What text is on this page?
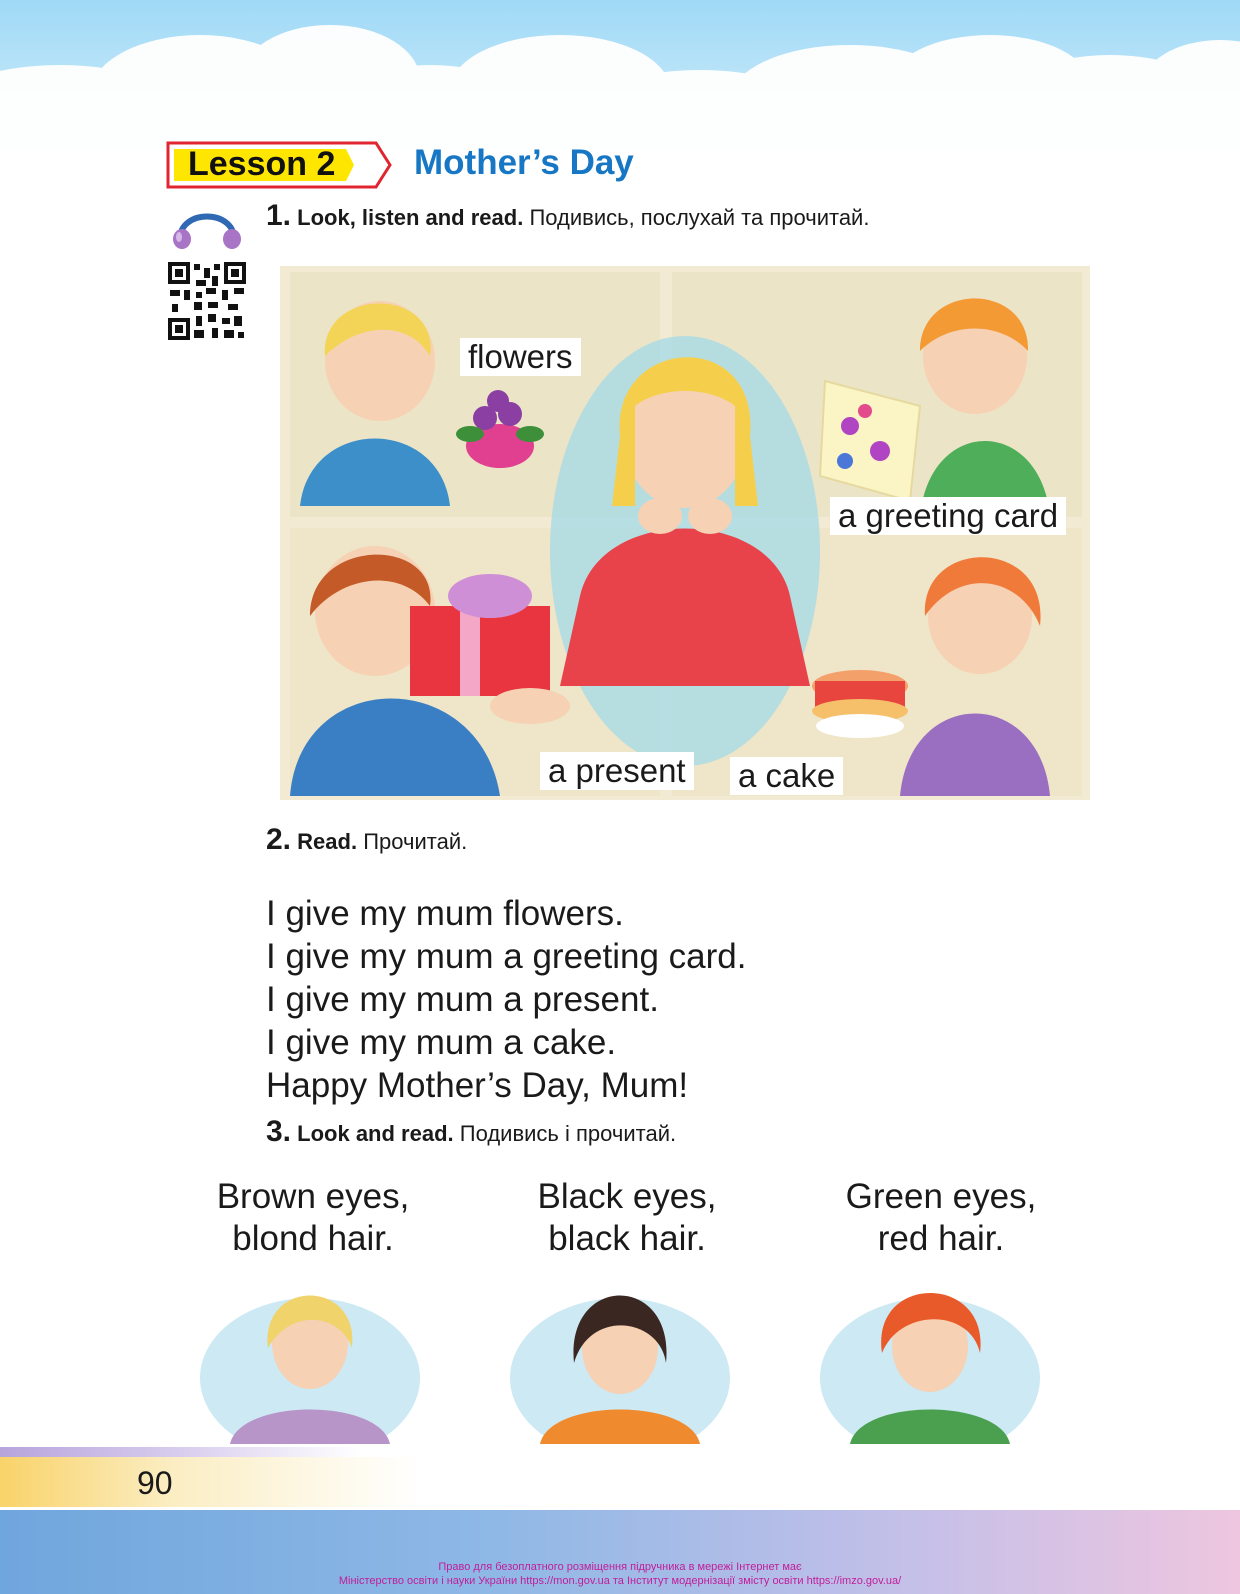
Lesson 2 Mother’s Day
1. Look, listen and read. Подивись, послухай та прочитай.
flowers
a greeting card
a present a cake
2. Read. Прочитай.
I give my mum flowers.
I give my mum a greeting card.
I give my mum a present.
I give my mum a cake.
Happy Mother’s Day, Mum!
3. Look and read. Подивись і прочитай.
Brown eyes,
blond hair.
Black eyes,
black hair.
Green eyes,
red hair.
90
Право для безоплатного розміщення підручника в мережі Інтернет має
Міністерство освіти і науки України https://mon.gov.ua та Інститут модернізації змісту освіти https://imzo.gov.ua/
